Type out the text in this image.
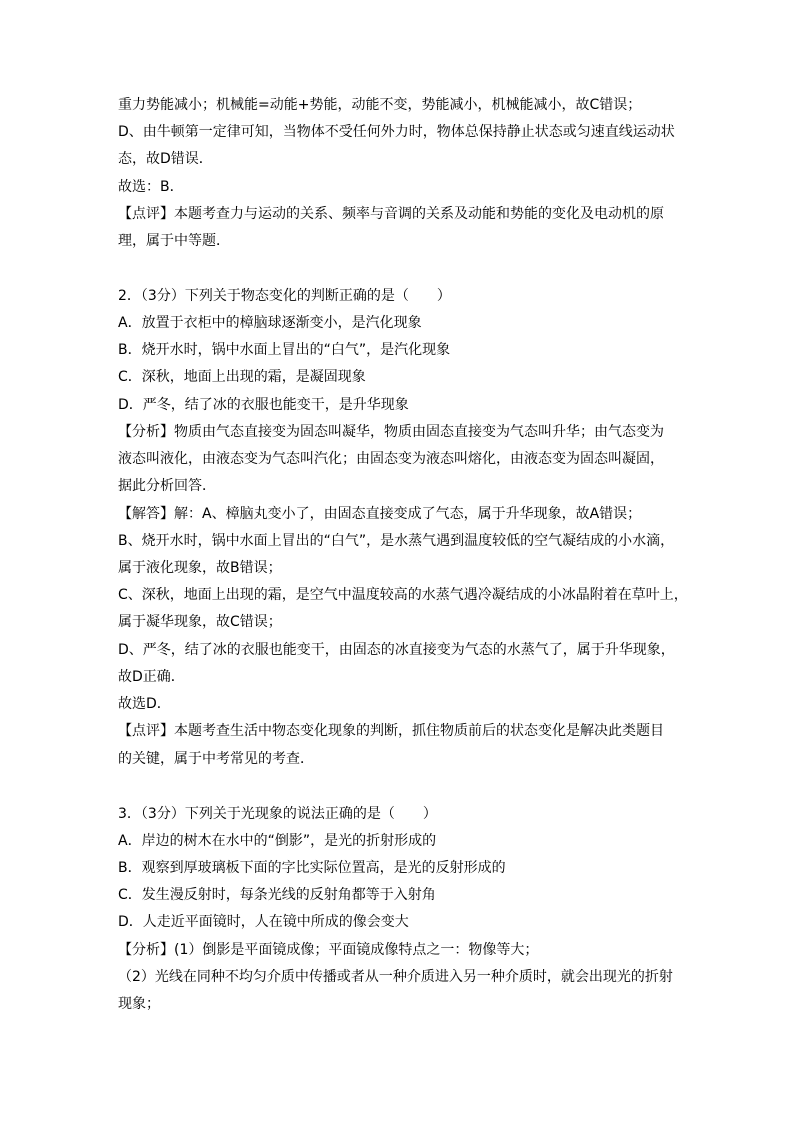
重力势能减小；机械能=动能+势能，动能不变，势能减小，机械能减小，故C错误；
D、由牛顿第一定律可知，当物体不受任何外力时，物体总保持静止状态或匀速直线运动状
态，故D错误．
故选：B．
【点评】本题考查力与运动的关系、频率与音调的关系及动能和势能的变化及电动机的原
理，属于中等题．
2．（3分）下列关于物态变化的判断正确的是（　　）
A．放置于衣柜中的樟脑球逐渐变小，是汽化现象
B．烧开水时，锅中水面上冒出的“白气”，是汽化现象
C．深秋，地面上出现的霜，是凝固现象
D．严冬，结了冰的衣服也能变干，是升华现象
【分析】物质由气态直接变为固态叫凝华，物质由固态直接变为气态叫升华；由气态变为
液态叫液化，由液态变为气态叫汽化；由固态变为液态叫熔化，由液态变为固态叫凝固，
据此分析回答．
【解答】解：A、樟脑丸变小了，由固态直接变成了气态，属于升华现象，故A错误；
B、烧开水时，锅中水面上冒出的“白气”，是水蒸气遇到温度较低的空气凝结成的小水滴，
属于液化现象，故B错误；
C、深秋，地面上出现的霜，是空气中温度较高的水蒸气遇冷凝结成的小冰晶附着在草叶上，
属于凝华现象，故C错误；
D、严冬，结了冰的衣服也能变干，由固态的冰直接变为气态的水蒸气了，属于升华现象，
故D正确．
故选D．
【点评】本题考查生活中物态变化现象的判断，抓住物质前后的状态变化是解决此类题目
的关键，属于中考常见的考查．
3．（3分）下列关于光现象的说法正确的是（　　）
A．岸边的树木在水中的“倒影”，是光的折射形成的
B．观察到厚玻璃板下面的字比实际位置高，是光的反射形成的
C．发生漫反射时，每条光线的反射角都等于入射角
D．人走近平面镜时，人在镜中所成的像会变大
【分析】(1）倒影是平面镜成像；平面镜成像特点之一：物像等大；
（2）光线在同种不均匀介质中传播或者从一种介质进入另一种介质时，就会出现光的折射
现象；
